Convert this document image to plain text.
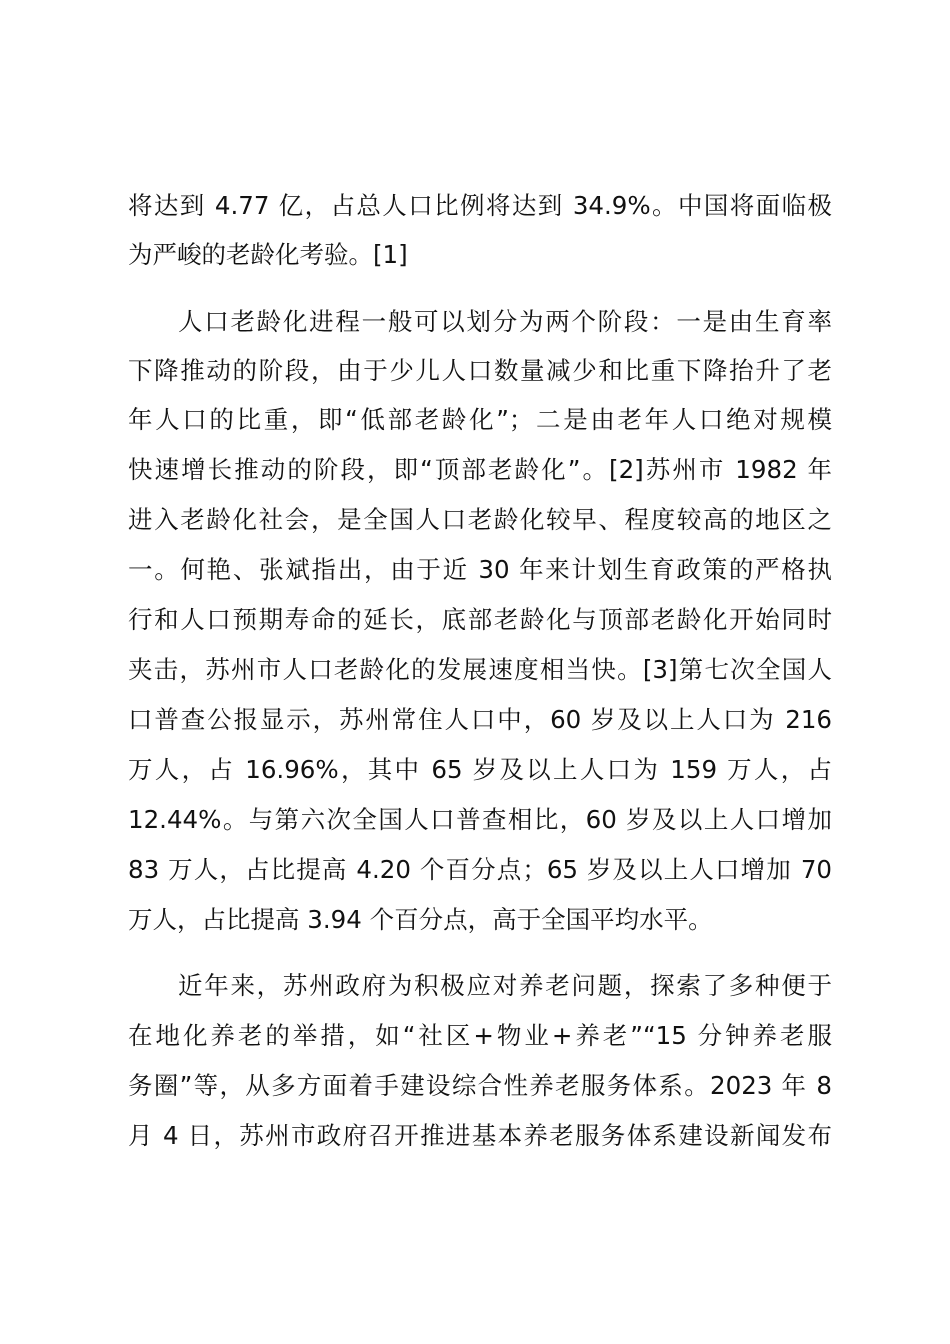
将达到 4.77 亿，占总人口比例将达到 34.9%。中国将面临极
为严峻的老龄化考验。[1]
人口老龄化进程一般可以划分为两个阶段：一是由生育率
下降推动的阶段，由于少儿人口数量减少和比重下降抬升了老
年人口的比重，即“低部老龄化”；二是由老年人口绝对规模
快速增长推动的阶段，即“顶部老龄化”。[2]苏州市 1982 年
进入老龄化社会，是全国人口老龄化较早、程度较高的地区之
一。何艳、张斌指出，由于近 30 年来计划生育政策的严格执
行和人口预期寿命的延长，底部老龄化与顶部老龄化开始同时
夹击，苏州市人口老龄化的发展速度相当快。[3]第七次全国人
口普查公报显示，苏州常住人口中，60 岁及以上人口为 216
万人，占 16.96%，其中 65 岁及以上人口为 159 万人，占
12.44%。与第六次全国人口普查相比，60 岁及以上人口增加
83 万人，占比提高 4.20 个百分点；65 岁及以上人口增加 70
万人，占比提高 3.94 个百分点，高于全国平均水平。
近年来，苏州政府为积极应对养老问题，探索了多种便于
在地化养老的举措，如“社区+物业+养老”“15 分钟养老服
务圈”等，从多方面着手建设综合性养老服务体系。2023 年 8
月 4 日，苏州市政府召开推进基本养老服务体系建设新闻发布
